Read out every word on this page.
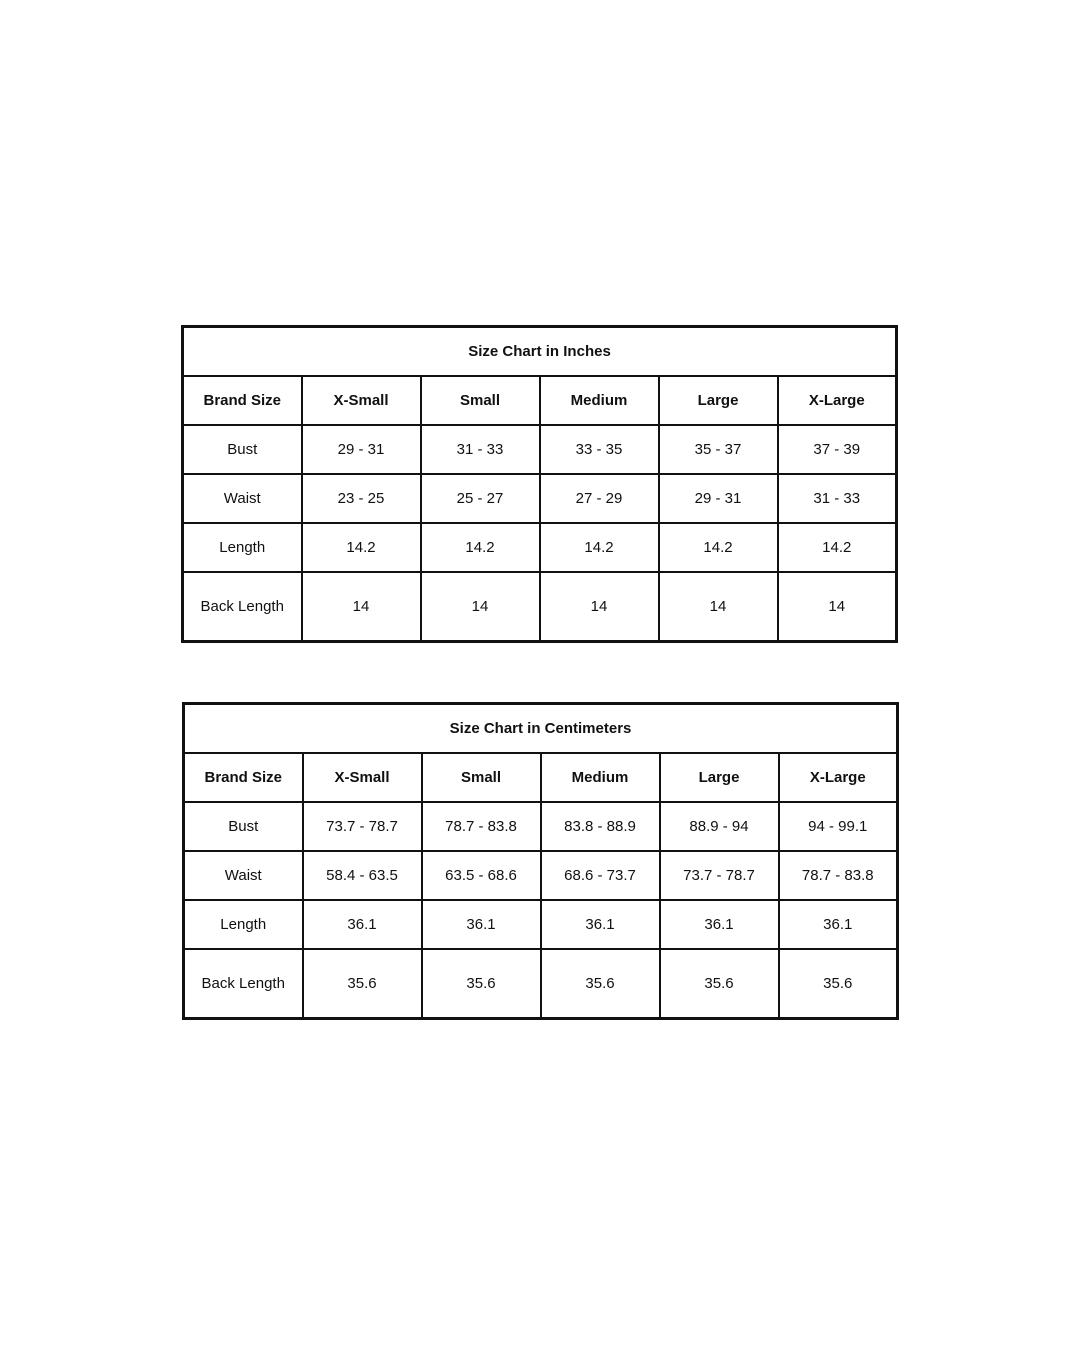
Size Chart in Inches					
Brand Size	X-Small	Small	Medium	Large	X-Large
Bust	29 - 31	31 - 33	33 - 35	35 - 37	37 - 39
Waist	23 - 25	25 - 27	27 - 29	29 - 31	31 - 33
Length	14.2	14.2	14.2	14.2	14.2
Back Length	14	14	14	14	14
Size Chart in Centimeters					
Brand Size	X-Small	Small	Medium	Large	X-Large
Bust	73.7 - 78.7	78.7 - 83.8	83.8 - 88.9	88.9 - 94	94 - 99.1
Waist	58.4 - 63.5	63.5 - 68.6	68.6 - 73.7	73.7 - 78.7	78.7 - 83.8
Length	36.1	36.1	36.1	36.1	36.1
Back Length	35.6	35.6	35.6	35.6	35.6
